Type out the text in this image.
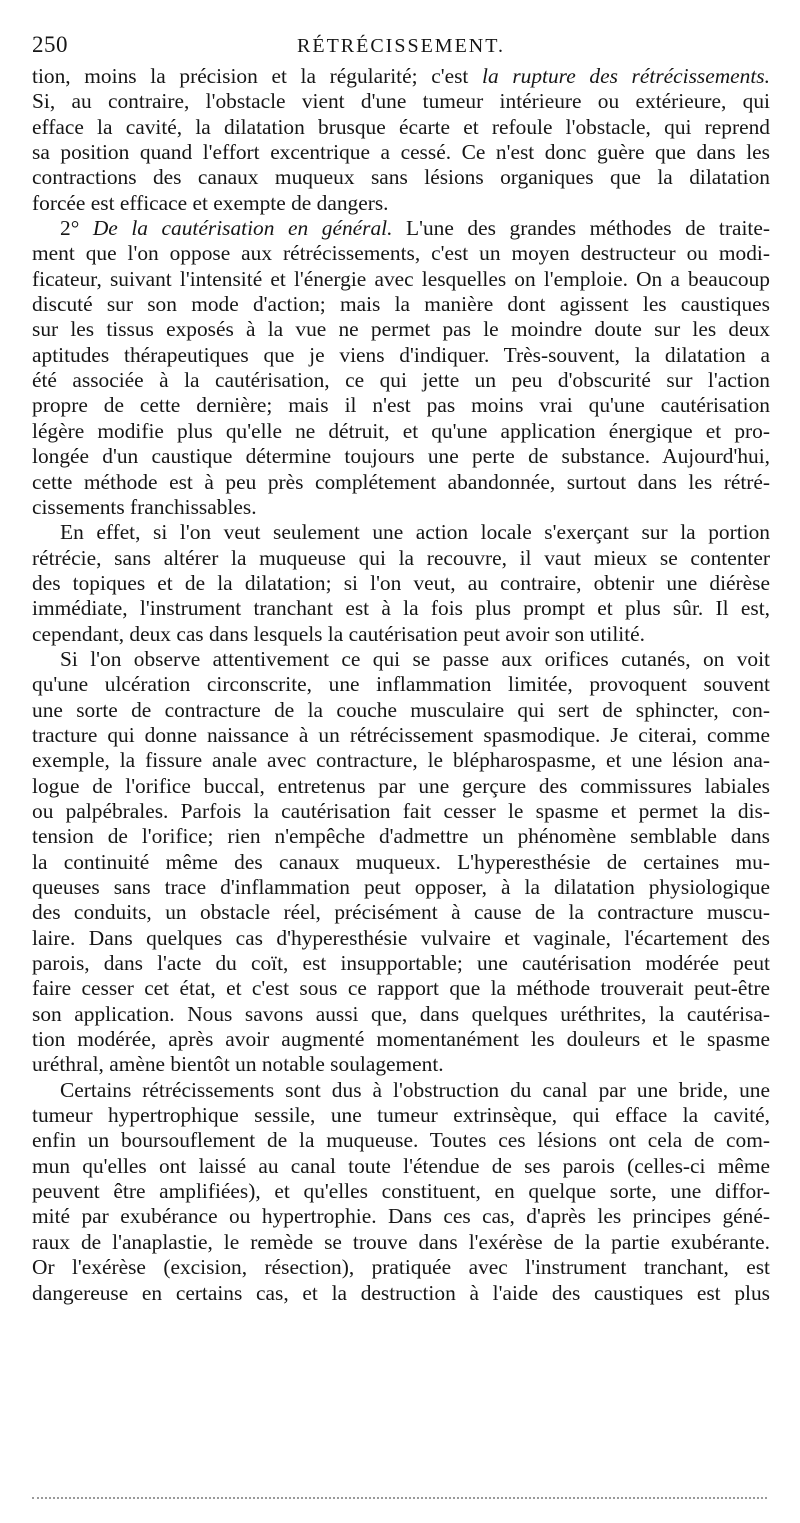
250	RÉTRÉCISSEMENT.
tion, moins la précision et la régularité; c'est la rupture des rétrécissements.
Si, au contraire, l'obstacle vient d'une tumeur intérieure ou extérieure, qui
efface la cavité, la dilatation brusque écarte et refoule l'obstacle, qui reprend
sa position quand l'effort excentrique a cessé. Ce n'est donc guère que dans les
contractions des canaux muqueux sans lésions organiques que la dilatation
forcée est efficace et exempte de dangers.
2° De la cautérisation en général. L'une des grandes méthodes de traite-
ment que l'on oppose aux rétrécissements, c'est un moyen destructeur ou modi-
ficateur, suivant l'intensité et l'énergie avec lesquelles on l'emploie. On a beaucoup
discuté sur son mode d'action; mais la manière dont agissent les caustiques
sur les tissus exposés à la vue ne permet pas le moindre doute sur les deux
aptitudes thérapeutiques que je viens d'indiquer. Très-souvent, la dilatation a
été associée à la cautérisation, ce qui jette un peu d'obscurité sur l'action
propre de cette dernière; mais il n'est pas moins vrai qu'une cautérisation
légère modifie plus qu'elle ne détruit, et qu'une application énergique et pro-
longée d'un caustique détermine toujours une perte de substance. Aujourd'hui,
cette méthode est à peu près complétement abandonnée, surtout dans les rétré-
cissements franchissables.
En effet, si l'on veut seulement une action locale s'exerçant sur la portion
rétrécie, sans altérer la muqueuse qui la recouvre, il vaut mieux se contenter
des topiques et de la dilatation; si l'on veut, au contraire, obtenir une diérèse
immédiate, l'instrument tranchant est à la fois plus prompt et plus sûr. Il est,
cependant, deux cas dans lesquels la cautérisation peut avoir son utilité.
Si l'on observe attentivement ce qui se passe aux orifices cutanés, on voit
qu'une ulcération circonscrite, une inflammation limitée, provoquent souvent
une sorte de contracture de la couche musculaire qui sert de sphincter, con-
tracture qui donne naissance à un rétrécissement spasmodique. Je citerai, comme
exemple, la fissure anale avec contracture, le blépharospasme, et une lésion ana-
logue de l'orifice buccal, entretenus par une gerçure des commissures labiales
ou palpébrales. Parfois la cautérisation fait cesser le spasme et permet la dis-
tension de l'orifice; rien n'empêche d'admettre un phénomène semblable dans
la continuité même des canaux muqueux. L'hyperesthésie de certaines mu-
queuses sans trace d'inflammation peut opposer, à la dilatation physiologique
des conduits, un obstacle réel, précisément à cause de la contracture muscu-
laire. Dans quelques cas d'hyperesthésie vulvaire et vaginale, l'écartement des
parois, dans l'acte du coït, est insupportable; une cautérisation modérée peut
faire cesser cet état, et c'est sous ce rapport que la méthode trouverait peut-être
son application. Nous savons aussi que, dans quelques uréthrites, la cautérisa-
tion modérée, après avoir augmenté momentanément les douleurs et le spasme
uréthral, amène bientôt un notable soulagement.
Certains rétrécissements sont dus à l'obstruction du canal par une bride, une
tumeur hypertrophique sessile, une tumeur extrinsèque, qui efface la cavité,
enfin un boursouflement de la muqueuse. Toutes ces lésions ont cela de com-
mun qu'elles ont laissé au canal toute l'étendue de ses parois (celles-ci même
peuvent être amplifiées), et qu'elles constituent, en quelque sorte, une diffor-
mité par exubérance ou hypertrophie. Dans ces cas, d'après les principes géné-
raux de l'anaplastie, le remède se trouve dans l'exérèse de la partie exubérante.
Or l'exérèse (excision, résection), pratiquée avec l'instrument tranchant, est
dangereuse en certains cas, et la destruction à l'aide des caustiques est plus
